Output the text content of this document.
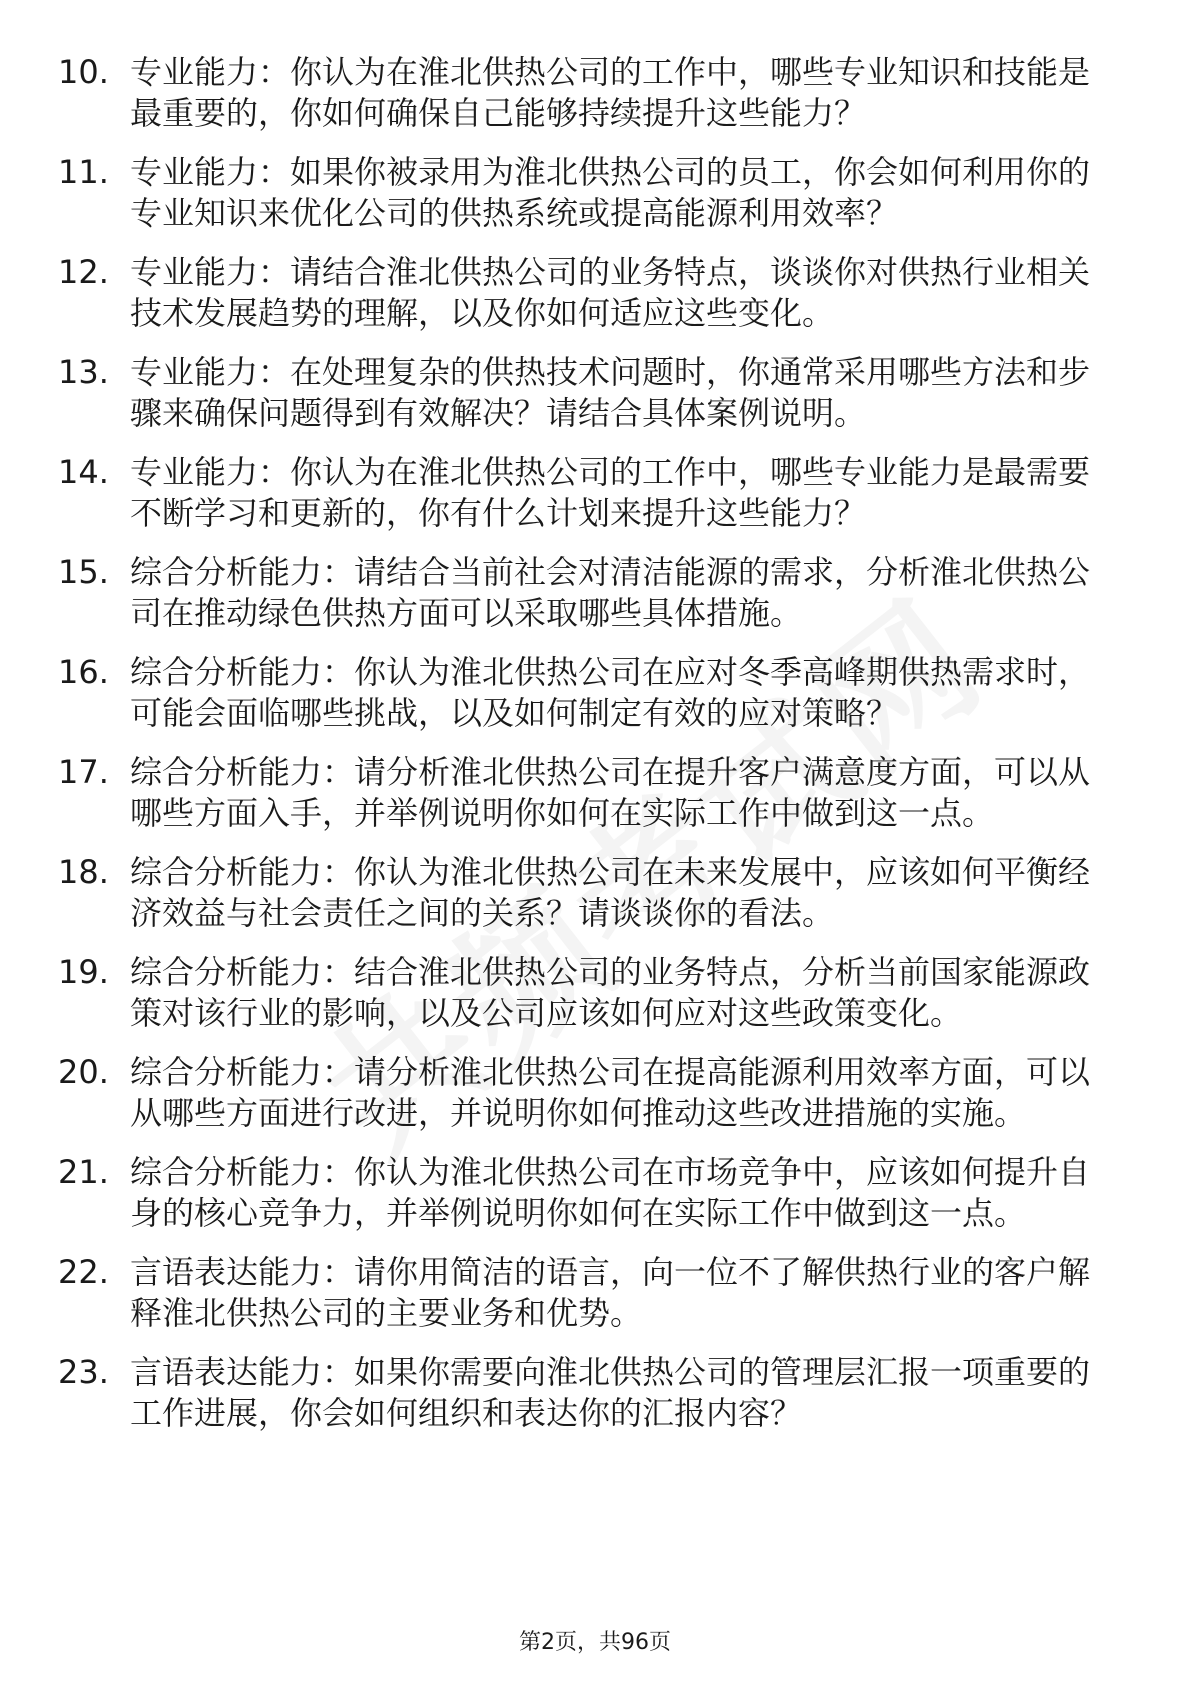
10. 专业能力：你认为在淮北供热公司的工作中，哪些专业知识和技能是最重要的，你如何确保自己能够持续提升这些能力？
11. 专业能力：如果你被录用为淮北供热公司的员工，你会如何利用你的专业知识来优化公司的供热系统或提高能源利用效率？
12. 专业能力：请结合淮北供热公司的业务特点，谈谈你对供热行业相关技术发展趋势的理解，以及你如何适应这些变化。
13. 专业能力：在处理复杂的供热技术问题时，你通常采用哪些方法和步骤来确保问题得到有效解决？请结合具体案例说明。
14. 专业能力：你认为在淮北供热公司的工作中，哪些专业能力是最需要不断学习和更新的，你有什么计划来提升这些能力？
15. 综合分析能力：请结合当前社会对清洁能源的需求，分析淮北供热公司在推动绿色供热方面可以采取哪些具体措施。
16. 综合分析能力：你认为淮北供热公司在应对冬季高峰期供热需求时，可能会面临哪些挑战，以及如何制定有效的应对策略？
17. 综合分析能力：请分析淮北供热公司在提升客户满意度方面，可以从哪些方面入手，并举例说明你如何在实际工作中做到这一点。
18. 综合分析能力：你认为淮北供热公司在未来发展中，应该如何平衡经济效益与社会责任之间的关系？请谈谈你的看法。
19. 综合分析能力：结合淮北供热公司的业务特点，分析当前国家能源政策对该行业的影响，以及公司应该如何应对这些政策变化。
20. 综合分析能力：请分析淮北供热公司在提高能源利用效率方面，可以从哪些方面进行改进，并说明你如何推动这些改进措施的实施。
21. 综合分析能力：你认为淮北供热公司在市场竞争中，应该如何提升自身的核心竞争力，并举例说明你如何在实际工作中做到这一点。
22. 言语表达能力：请你用简洁的语言，向一位不了解供热行业的客户解释淮北供热公司的主要业务和优势。
23. 言语表达能力：如果你需要向淮北供热公司的管理层汇报一项重要的工作进展，你会如何组织和表达你的汇报内容？
第2页，共96页
